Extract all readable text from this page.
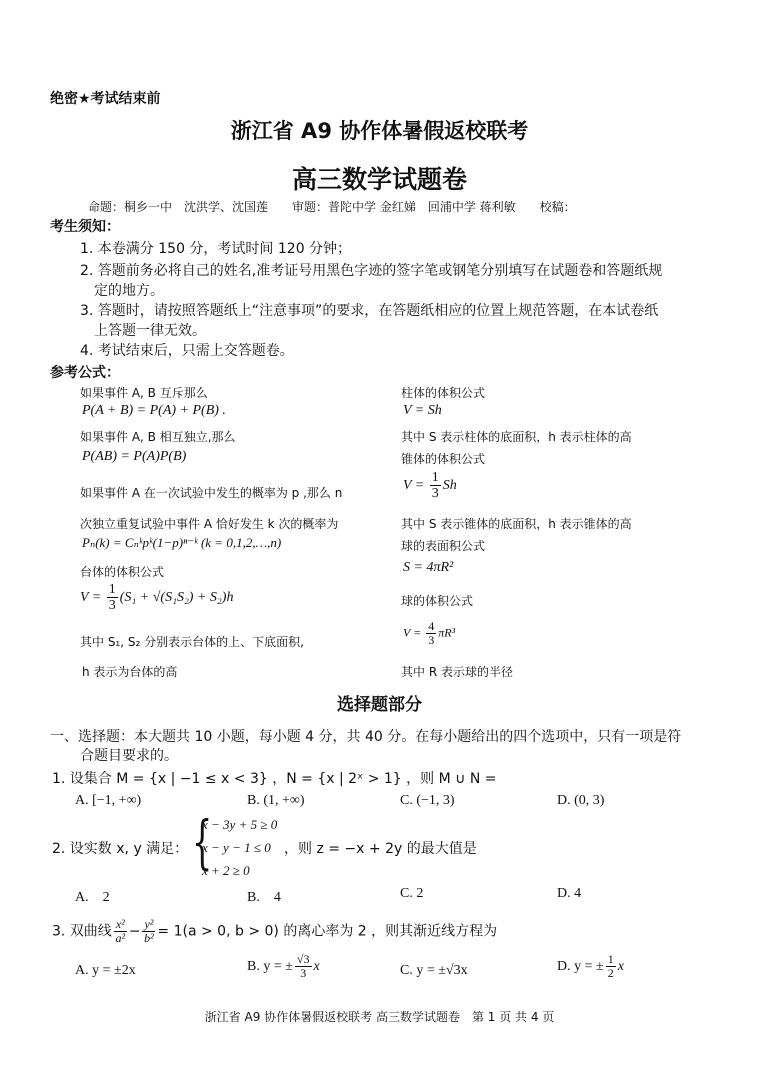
绝密★考试结束前
浙江省 A9 协作体暑假返校联考
高三数学试题卷
命题：桐乡一中　沈洪学、沈国莲　　审题：普陀中学 金红娣　回浦中学 蒋利敏　　校稿：
考生须知：
1. 本卷满分 150 分，考试时间 120 分钟；
2. 答题前务必将自己的姓名,准考证号用黑色字迹的签字笔或钢笔分别填写在试题卷和答题纸规
定的地方。
3. 答题时，请按照答题纸上“注意事项”的要求，在答题纸相应的位置上规范答题，在本试卷纸
上答题一律无效。
4. 考试结束后，只需上交答题卷。
参考公式：
如果事件 A, B 互斥那么
P(A + B) = P(A) + P(B) .
如果事件 A, B 相互独立,那么
P(AB) = P(A)P(B)
如果事件 A 在一次试验中发生的概率为 p ,那么 n
次独立重复试验中事件 A 恰好发生 k 次的概率为
Pₙ(k) = Cₙᵏpᵏ(1−p)ⁿ⁻ᵏ (k = 0,1,2,…,n)
台体的体积公式
$V = \frac{1}{3} (S_1 + √(S_1S_2) + S_2)h$
其中 S₁, S₂ 分别表示台体的上、下底面积,
h 表示为台体的高
柱体的体积公式
V = Sh
其中 S 表示柱体的底面积，h 表示柱体的高
锥体的体积公式
$V = \frac{1}{3}$ Sh
其中 S 表示锥体的底面积，h 表示锥体的高
球的表面积公式
S = 4πR²
球的体积公式
$V = \frac{4}{3} \pi R^3$
其中 R 表示球的半径
选择题部分
一、选择题：本大题共 10 小题，每小题 4 分，共 40 分。在每小题给出的四个选项中，只有一项是符
合题目要求的。
1. 设集合 M = {x | −1 ≤ x < 3} ，N = {x | 2ˣ > 1} ，则 M ∪ N =
A. [−1, +∞)	B. (1, +∞)	C. (−1, 3)	D. (0, 3)
2. 设实数 x, y 满足： {
x − 3y + 5 ≥ 0
x − y − 1 ≤ 0
x + 2 ≥ 0
，则 z = −x + 2y 的最大值是
A.　2	B.　4	C. 2	D. 4
3. 双曲线 $\frac{\text{x²}}{\text{a²}} - \frac{\text{y²}}{\text{b²}} = 1(a > 0$, b > 0) 的离心率为 2 ，则其渐近线方程为
A. y = ±2x	B. y = ± $\frac{√3}{3}$ x	C. y = ±√3x	D. y = ± $\frac{1}{2}$ x
浙江省 A9 协作体暑假返校联考 高三数学试题卷　第 1 页 共 4 页
